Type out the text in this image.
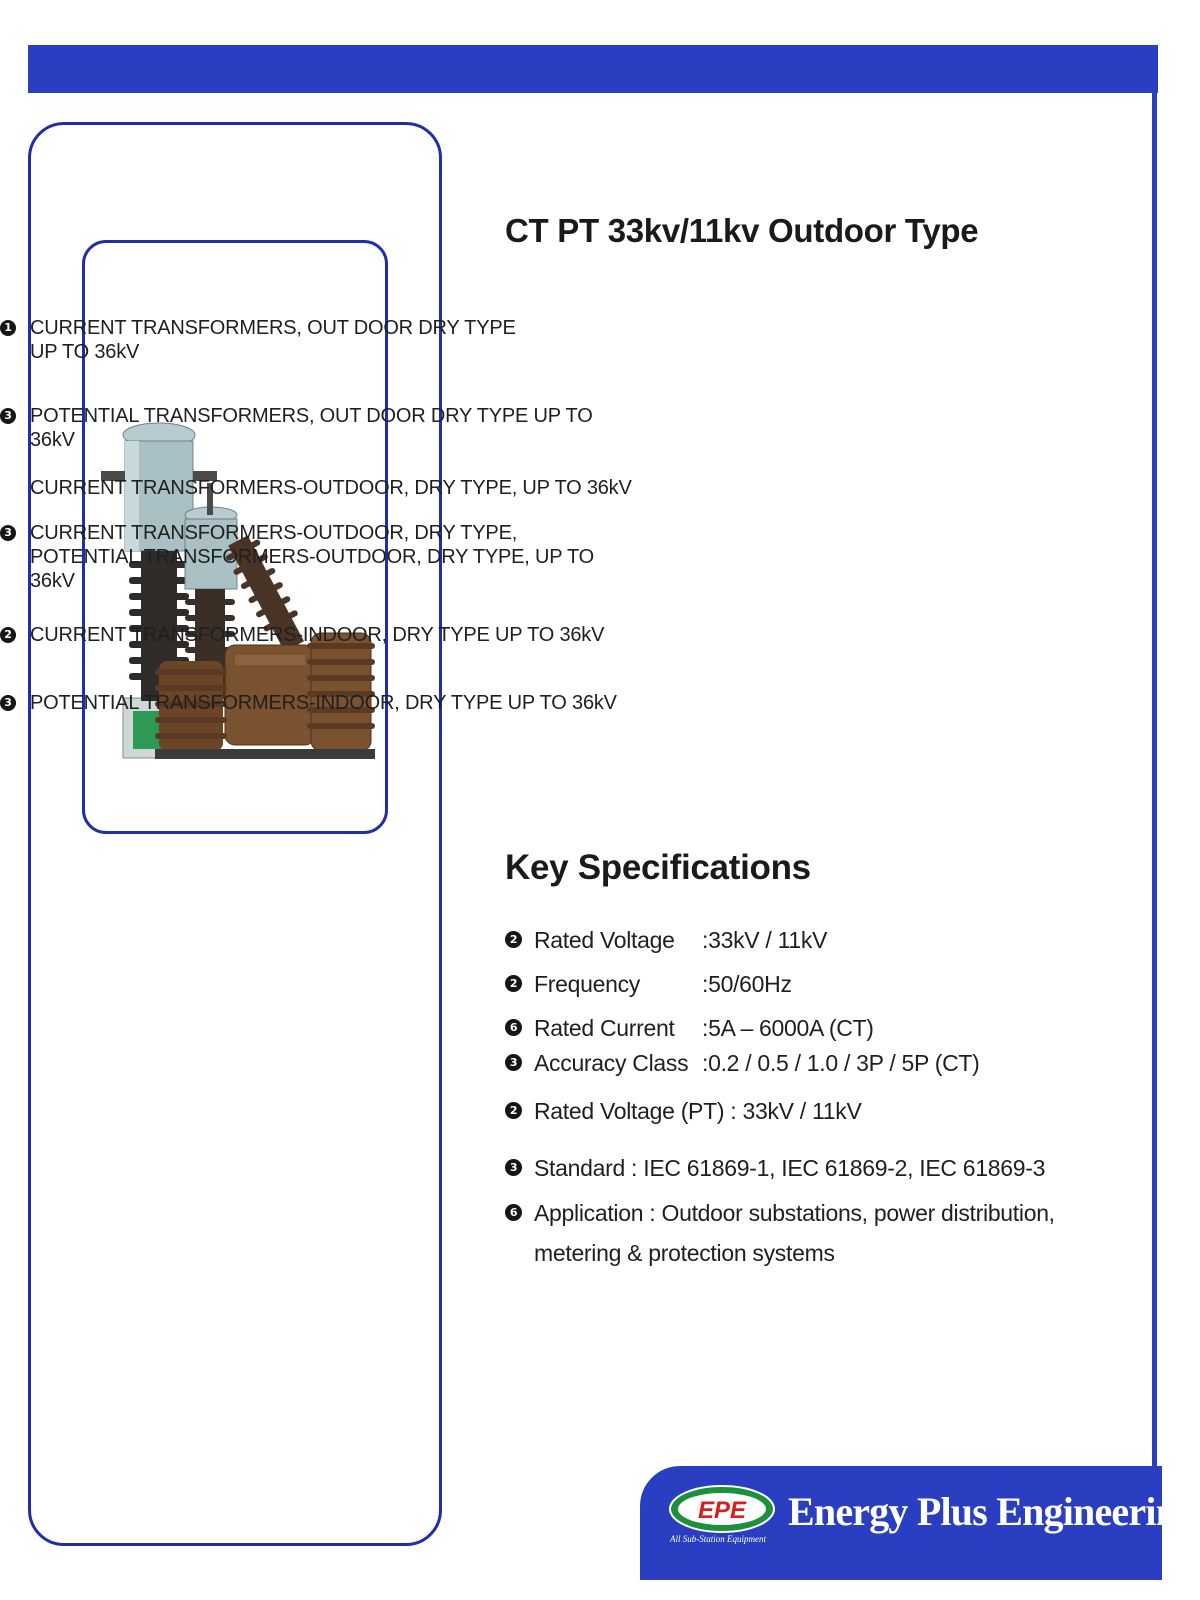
CT PT 33kv/11kv Outdoor Type
1 CURRENT TRANSFORMERS, OUT DOOR DRY TYPE
UP TO 36kV
3 POTENTIAL TRANSFORMERS, OUT DOOR DRY TYPE UP TO 36kV
CURRENT TRANSFORMERS-OUTDOOR, DRY TYPE, UP TO 36kV
3 CURRENT TRANSFORMERS-OUTDOOR, DRY TYPE,
POTENTIAL TRANSFORMERS-OUTDOOR, DRY TYPE, UP TO 36kV
2 CURRENT TRANSFORMERS-INDOOR, DRY TYPE UP TO 36kV
3 POTENTIAL TRANSFORMERS-INDOOR, DRY TYPE UP TO 36kV
Key Specifications
2 Rated Voltage	: 33kV / 11kV
2 Frequency	: 50/60Hz
6 Rated Current	: 5A – 6000A (CT)
3 Accuracy Class : 0.2 / 0.5 / 1.0 / 3P / 5P (CT)
2 Rated Voltage (PT) : 33kV / 11kV
3 Standard : IEC 61869-1, IEC 61869-2, IEC 61869-3
6 Application : Outdoor substations, power distribution,
metering & protection systems
EPE
All Sub-Station Equipment
Energy Plus Engineering
